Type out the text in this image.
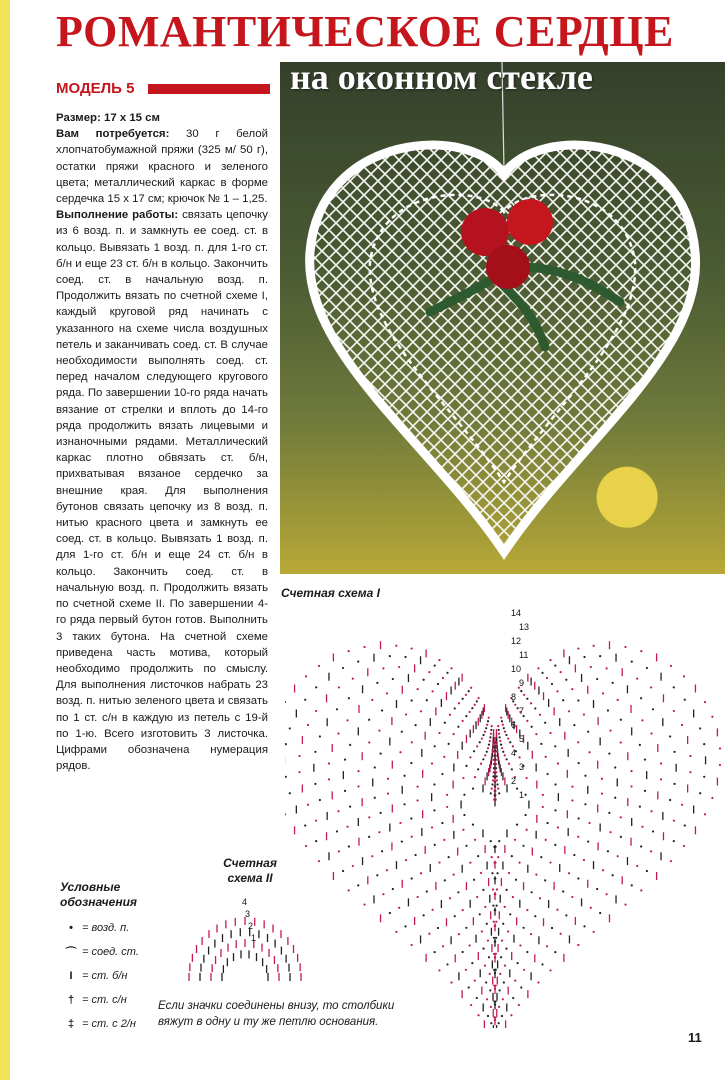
РОМАНТИЧЕСКОЕ СЕРДЦЕ
МОДЕЛЬ 5	на оконном стекле

Размер: 17 х 15 см

Вам потребуется: 30 г белой хлопчатобумажной пряжи (325 м/ 50 г), остатки пряжи красного и зеленого цвета; металлический каркас в форме сердечка 15 х 17 см; крючок № 1 – 1,25.

Выполнение работы: связать цепочку из 6 возд. п. и замкнуть ее соед. ст. в кольцо. Вывязать 1 возд. п. для 1-го ст. б/н и еще 23 ст. б/н в кольцо. Закончить соед. ст. в начальную возд. п. Продолжить вязать по счетной схеме I, каждый круговой ряд начинать с указанного на схеме числа воздушных петель и заканчивать соед. ст. В случае необходимости выполнять соед. ст. перед началом следующего кругового ряда. По завершении 10-го ряда начать вязание от стрелки и вплоть до 14-го ряда продолжить вязать лицевыми и изнаночными рядами. Металлический каркас плотно обвязать ст. б/н, прихватывая вязаное сердечко за внешние края. Для выполнения бутонов связать цепочку из 8 возд. п. нитью красного цвета и замкнуть ее соед. ст. в кольцо. Вывязать 1 возд. п. для 1-го ст. б/н и еще 24 ст. б/н в кольцо. Закончить соед. ст. в начальную возд. п. Продолжить вязать по счетной схеме II. По завершении 4-го ряда первый бутон готов. Выполнить 3 таких бутона. На счетной схеме приведена часть мотива, который необходимо продолжить по смыслу. Для выполнения листочков набрать 23 возд. п. нитью зеленого цвета и связать по 1 ст. с/н в каждую из петель с 19-й по 1-ю. Всего изготовить 3 листочка. Цифрами обозначена нумерация рядов.

Условные
обозначения
• = возд. п.
⌒ = соед. ст.
I = ст. б/н
† = ст. с/н
‡ = ст. с 2/н
Счетная схема I
14
13
12
11
10
9
8
7
6
5
4
3
2
1
Счетная
схема II
4
3
2
1
Если значки соединены внизу, то столбики вяжут в одну и ту же петлю основания.
11
